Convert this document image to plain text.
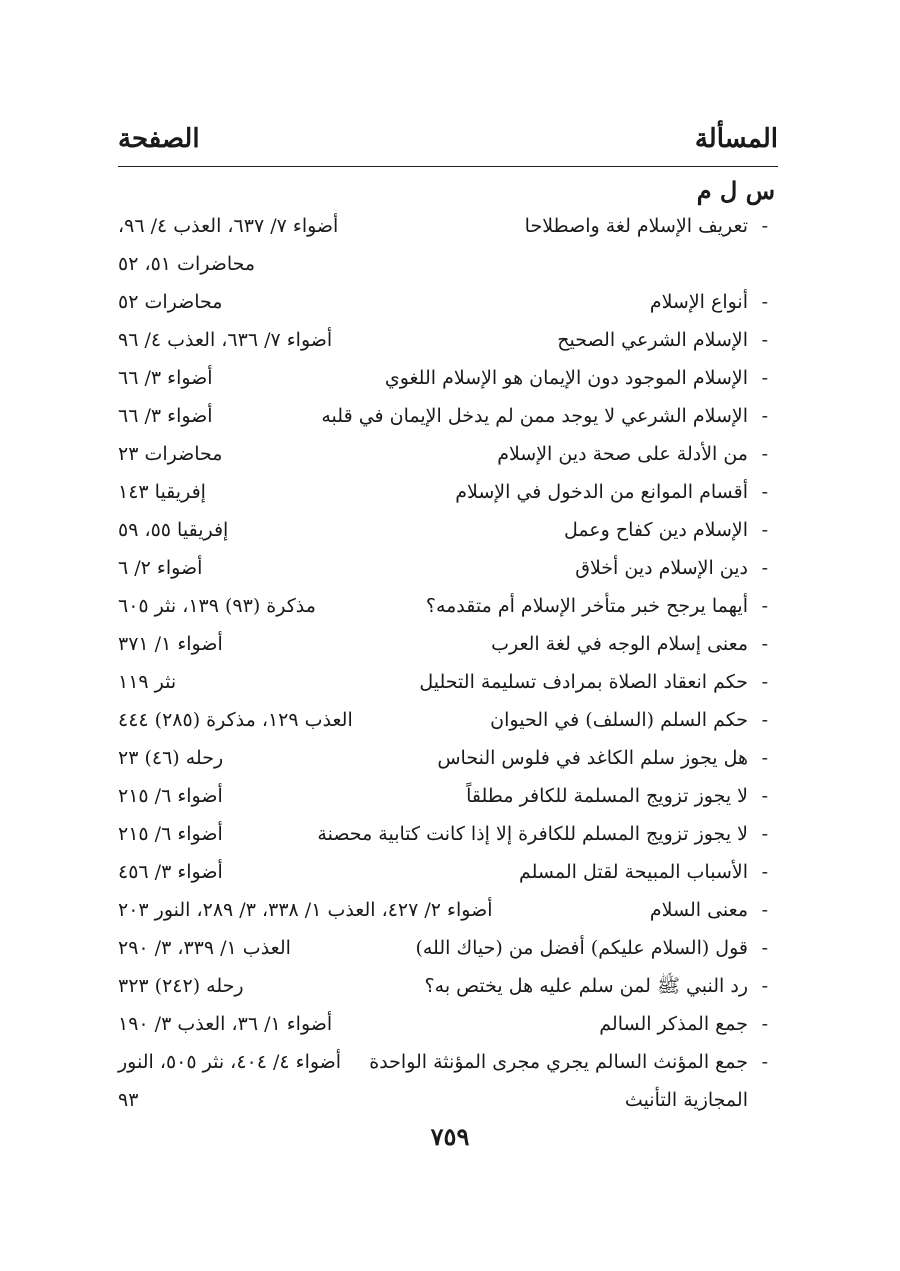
المسألة
الصفحة
س ل م
-
تعريف الإسلام لغة واصطلاحا
أضواء ٧/ ٦٣٧، العذب ٤/ ٩٦،
محاضرات ٥١، ٥٢
-
أنواع الإسلام
محاضرات ٥٢
-
الإسلام الشرعي الصحيح
أضواء ٧/ ٦٣٦، العذب ٤/ ٩٦
-
الإسلام الموجود دون الإيمان هو الإسلام اللغوي
أضواء ٣/ ٦٦
-
الإسلام الشرعي لا يوجد ممن لم يدخل الإيمان في قلبه
أضواء ٣/ ٦٦
-
من الأدلة على صحة دين الإسلام
محاضرات ٢٣
-
أقسام الموانع من الدخول في الإسلام
إفريقيا ١٤٣
-
الإسلام دين كفاح وعمل
إفريقيا ٥٥، ٥٩
-
دين الإسلام دين أخلاق
أضواء ٢/ ٦
-
أيهما يرجح خبر متأخر الإسلام أم متقدمه؟
مذكرة (٩٣) ١٣٩، نثر ٦٠٥
-
معنى إسلام الوجه في لغة العرب
أضواء ١/ ٣٧١
-
حكم انعقاد الصلاة بمرادف تسليمة التحليل
نثر ١١٩
-
حكم السلم (السلف) في الحيوان
العذب ١٢٩، مذكرة (٢٨٥) ٤٤٤
-
هل يجوز سلم الكاغد في فلوس النحاس
رحله (٤٦) ٢٣
-
لا يجوز تزويج المسلمة للكافر مطلقاً
أضواء ٦/ ٢١٥
-
لا يجوز تزويج المسلم للكافرة إلا إذا كانت كتابية محصنة
أضواء ٦/ ٢١٥
-
الأسباب المبيحة لقتل المسلم
أضواء ٣/ ٤٥٦
-
معنى السلام
أضواء ٢/ ٤٢٧، العذب ١/ ٣٣٨، ٣/ ٢٨٩، النور ٢٠٣
-
قول (السلام عليكم) أفضل من (حياك الله)
العذب ١/ ٣٣٩، ٣/ ٢٩٠
-
رد النبي ﷺ لمن سلم عليه هل يختص به؟
رحله (٢٤٢) ٣٢٣
-
جمع المذكر السالم
أضواء ١/ ٣٦، العذب ٣/ ١٩٠
-
جمع المؤنث السالم يجري مجرى المؤنثة الواحدة
المجازية التأنيث
أضواء ٤/ ٤٠٤، نثر ٥٠٥، النور
٩٣
٧٥٩
